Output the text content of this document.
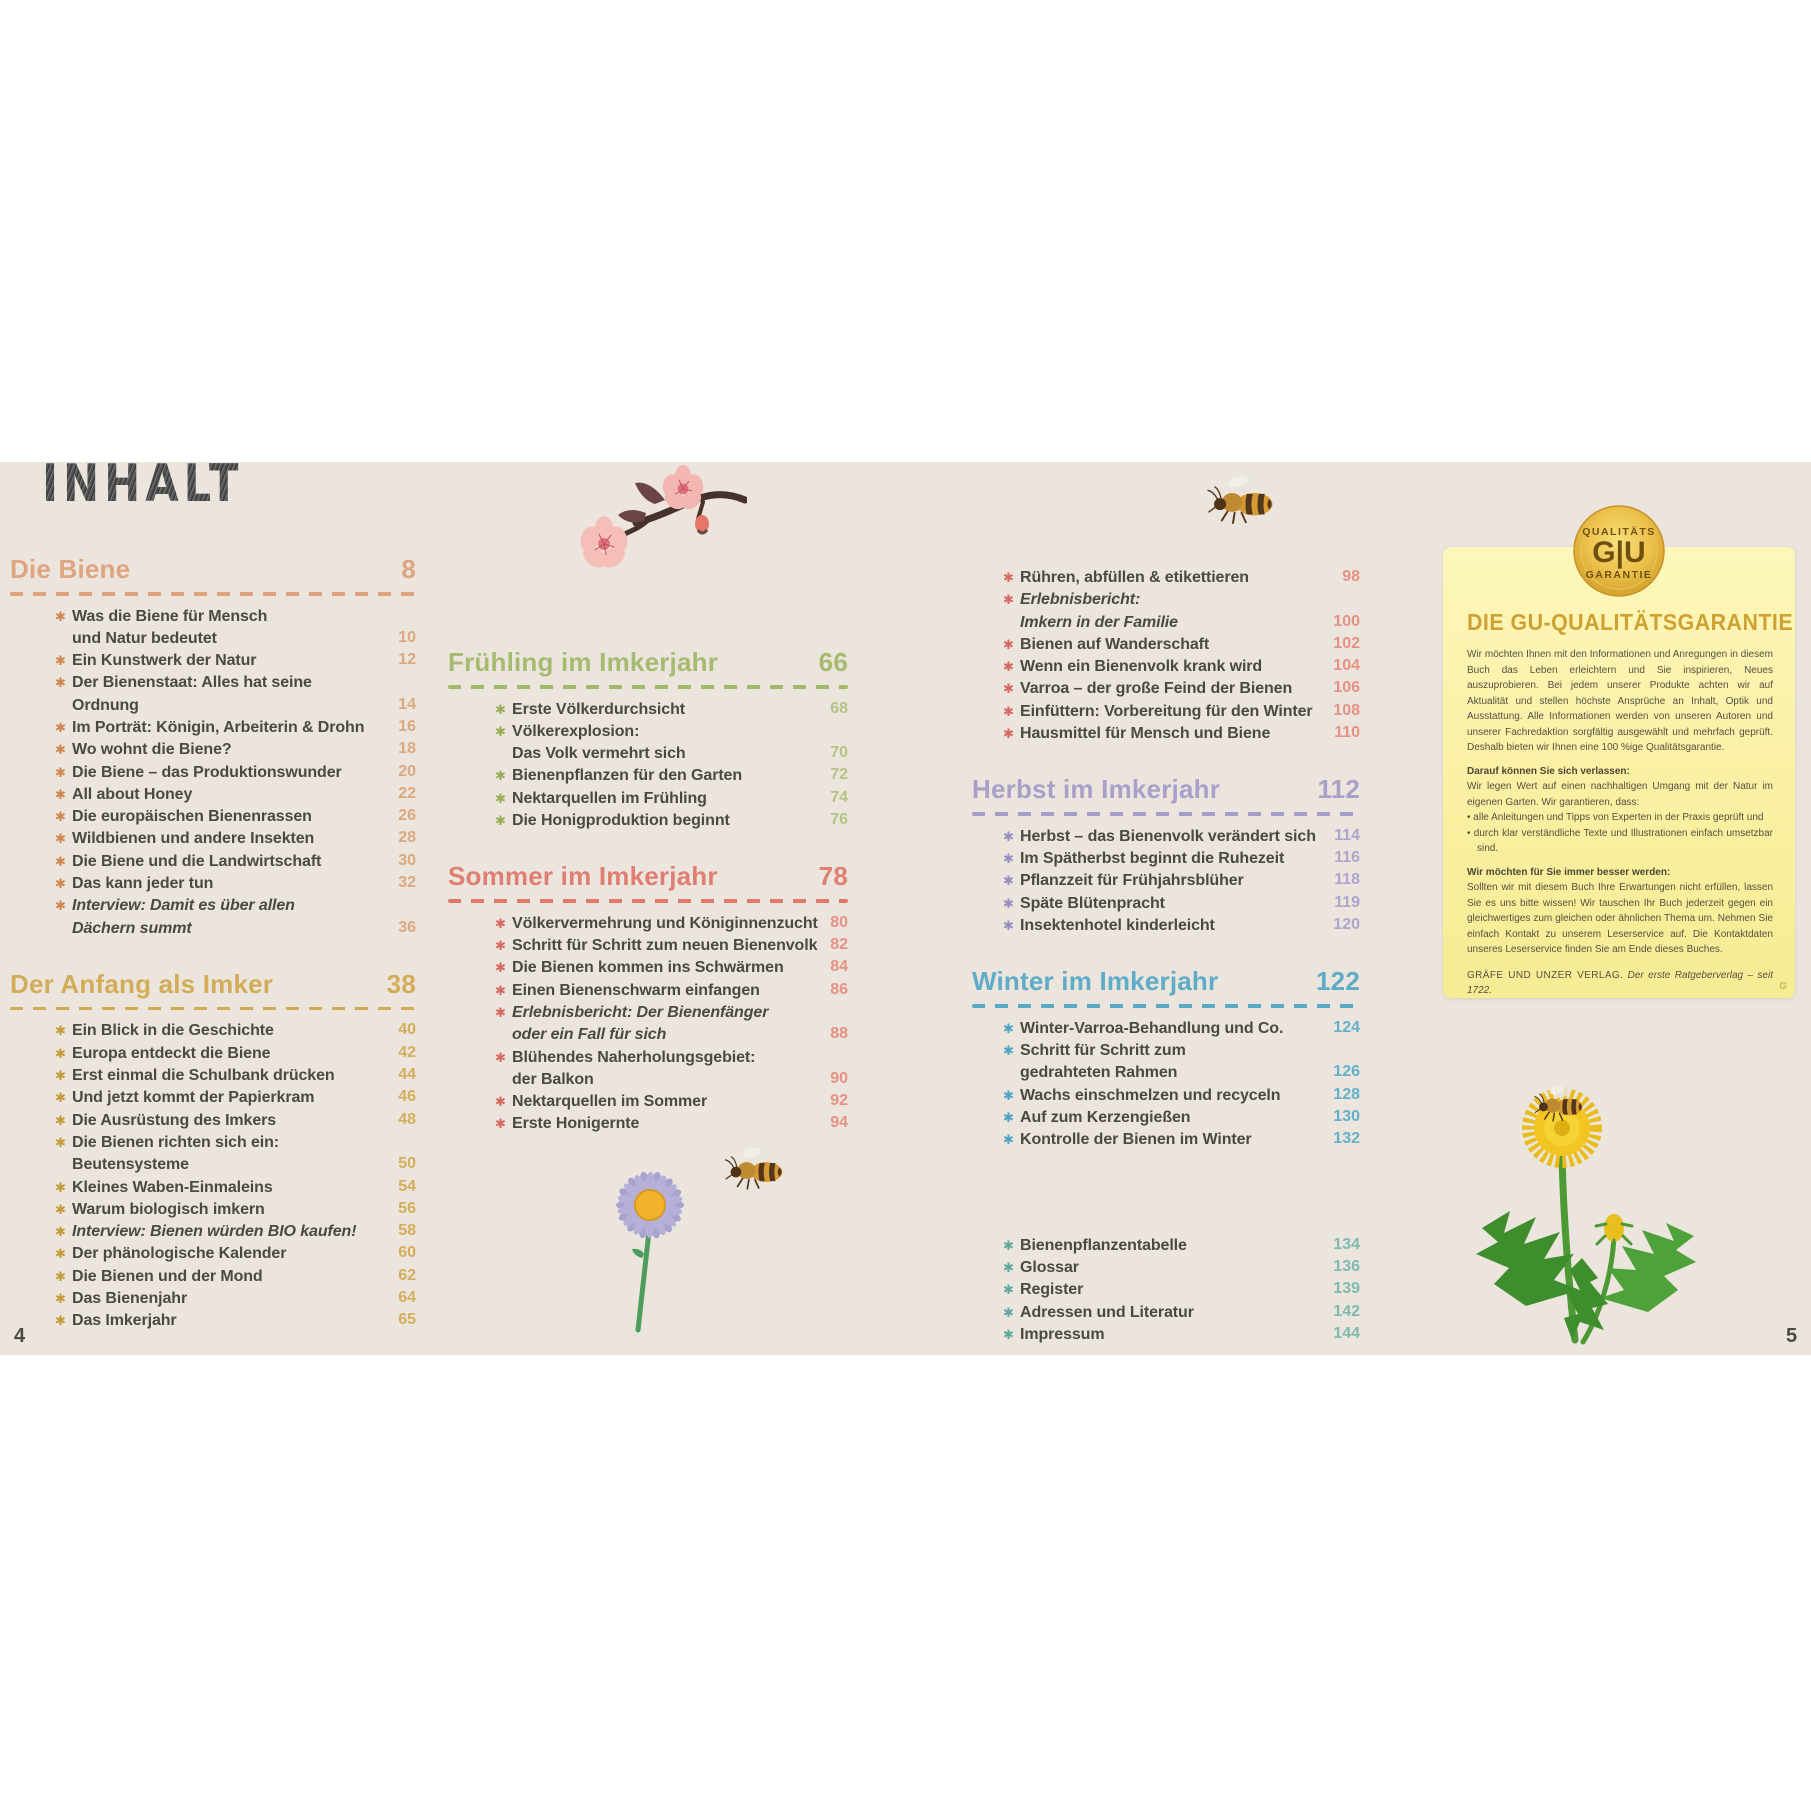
INHALT
Die Biene	8
✱ Was die Biene für Mensch
und Natur bedeutet	10
✱ Ein Kunstwerk der Natur	12
✱ Der Bienenstaat: Alles hat seine
Ordnung	14
✱ Im Porträt: Königin, Arbeiterin & Drohn 16
✱ Wo wohnt die Biene?	18
✱ Die Biene – das Produktionswunder	20
✱ All about Honey	22
✱ Die europäischen Bienenrassen	26
✱ Wildbienen und andere Insekten	28
✱ Die Biene und die Landwirtschaft	30
✱ Das kann jeder tun	32
✱ Interview: Damit es über allen
Dächern summt	36
Der Anfang als Imker	38
✱ Ein Blick in die Geschichte	40
✱ Europa entdeckt die Biene	42
✱ Erst einmal die Schulbank drücken	44
✱ Und jetzt kommt der Papierkram	46
✱ Die Ausrüstung des Imkers	48
✱ Die Bienen richten sich ein:
Beutensysteme	50
✱ Kleines Waben-Einmaleins	54
✱ Warum biologisch imkern	56
✱ Interview: Bienen würden BIO kaufen!	58
✱ Der phänologische Kalender	60
✱ Die Bienen und der Mond	62
✱ Das Bienenjahr	64
✱ Das Imkerjahr	65
Frühling im Imkerjahr	66
✱ Erste Völkerdurchsicht	68
✱ Völkerexplosion:
Das Volk vermehrt sich	70
✱ Bienenpflanzen für den Garten	72
✱ Nektarquellen im Frühling	74
✱ Die Honigproduktion beginnt	76
Sommer im Imkerjahr	78
✱ Völkervermehrung und Königinnenzucht 80
✱ Schritt für Schritt zum neuen Bienenvolk 82
✱ Die Bienen kommen ins Schwärmen	84
✱ Einen Bienenschwarm einfangen	86
✱ Erlebnisbericht: Der Bienenfänger
oder ein Fall für sich	88
✱ Blühendes Naherholungsgebiet:
der Balkon	90
✱ Nektarquellen im Sommer	92
✱ Erste Honigernte	94
✱ Rühren, abfüllen & etikettieren	98
✱ Erlebnisbericht:
Imkern in der Familie	100
✱ Bienen auf Wanderschaft	102
✱ Wenn ein Bienenvolk krank wird	104
✱ Varroa – der große Feind der Bienen	106
✱ Einfüttern: Vorbereitung für den Winter 108
✱ Hausmittel für Mensch und Biene	110
Herbst im Imkerjahr	112
✱ Herbst – das Bienenvolk verändert sich 114
✱ Im Spätherbst beginnt die Ruhezeit	116
✱ Pflanzzeit für Frühjahrsblüher	118
✱ Späte Blütenpracht	119
✱ Insektenhotel kinderleicht	120
Winter im Imkerjahr	122
✱ Winter-Varroa-Behandlung und Co.	124
✱ Schritt für Schritt zum
gedrahteten Rahmen	126
✱ Wachs einschmelzen und recyceln	128
✱ Auf zum Kerzengießen	130
✱ Kontrolle der Bienen im Winter	132
✱ Bienenpflanzentabelle	134
✱ Glossar	136
✱ Register	139
✱ Adressen und Literatur	142
✱ Impressum	144
QUALITÄTS
G|U
GARANTIE
DIE GU-QUALITÄTSGARANTIE

Wir möchten Ihnen mit den Informationen und Anregungen in diesem Buch das Leben erleichtern und Sie inspirieren, Neues auszuprobieren. Bei jedem unserer Produkte achten wir auf Aktualität und stellen höchste Ansprüche an Inhalt, Optik und Ausstattung. Alle Informationen werden von unseren Autoren und unserer Fachredaktion sorgfältig ausgewählt und mehrfach geprüft. Deshalb bieten wir Ihnen eine 100 %ige Qualitätsgarantie.

Darauf können Sie sich verlassen:

Wir legen Wert auf einen nachhaltigen Umgang mit der Natur im eigenen Garten. Wir garantieren, dass:

• alle Anleitungen und Tipps von Experten in der Praxis geprüft und
• durch klar verständliche Texte und Illustrationen einfach umsetzbar sind.

Wir möchten für Sie immer besser werden:

Sollten wir mit diesem Buch Ihre Erwartungen nicht erfüllen, lassen Sie es uns bitte wissen! Wir tauschen Ihr Buch jederzeit gegen ein gleichwertiges zum gleichen oder ähnlichen Thema um. Nehmen Sie einfach Kontakt zu unserem Leserservice auf. Die Kontaktdaten unseres Leserservice finden Sie am Ende dieses Buches.

GRÄFE UND UNZER VERLAG. Der erste Ratgeberverlag – seit 1722.	G
4	5
